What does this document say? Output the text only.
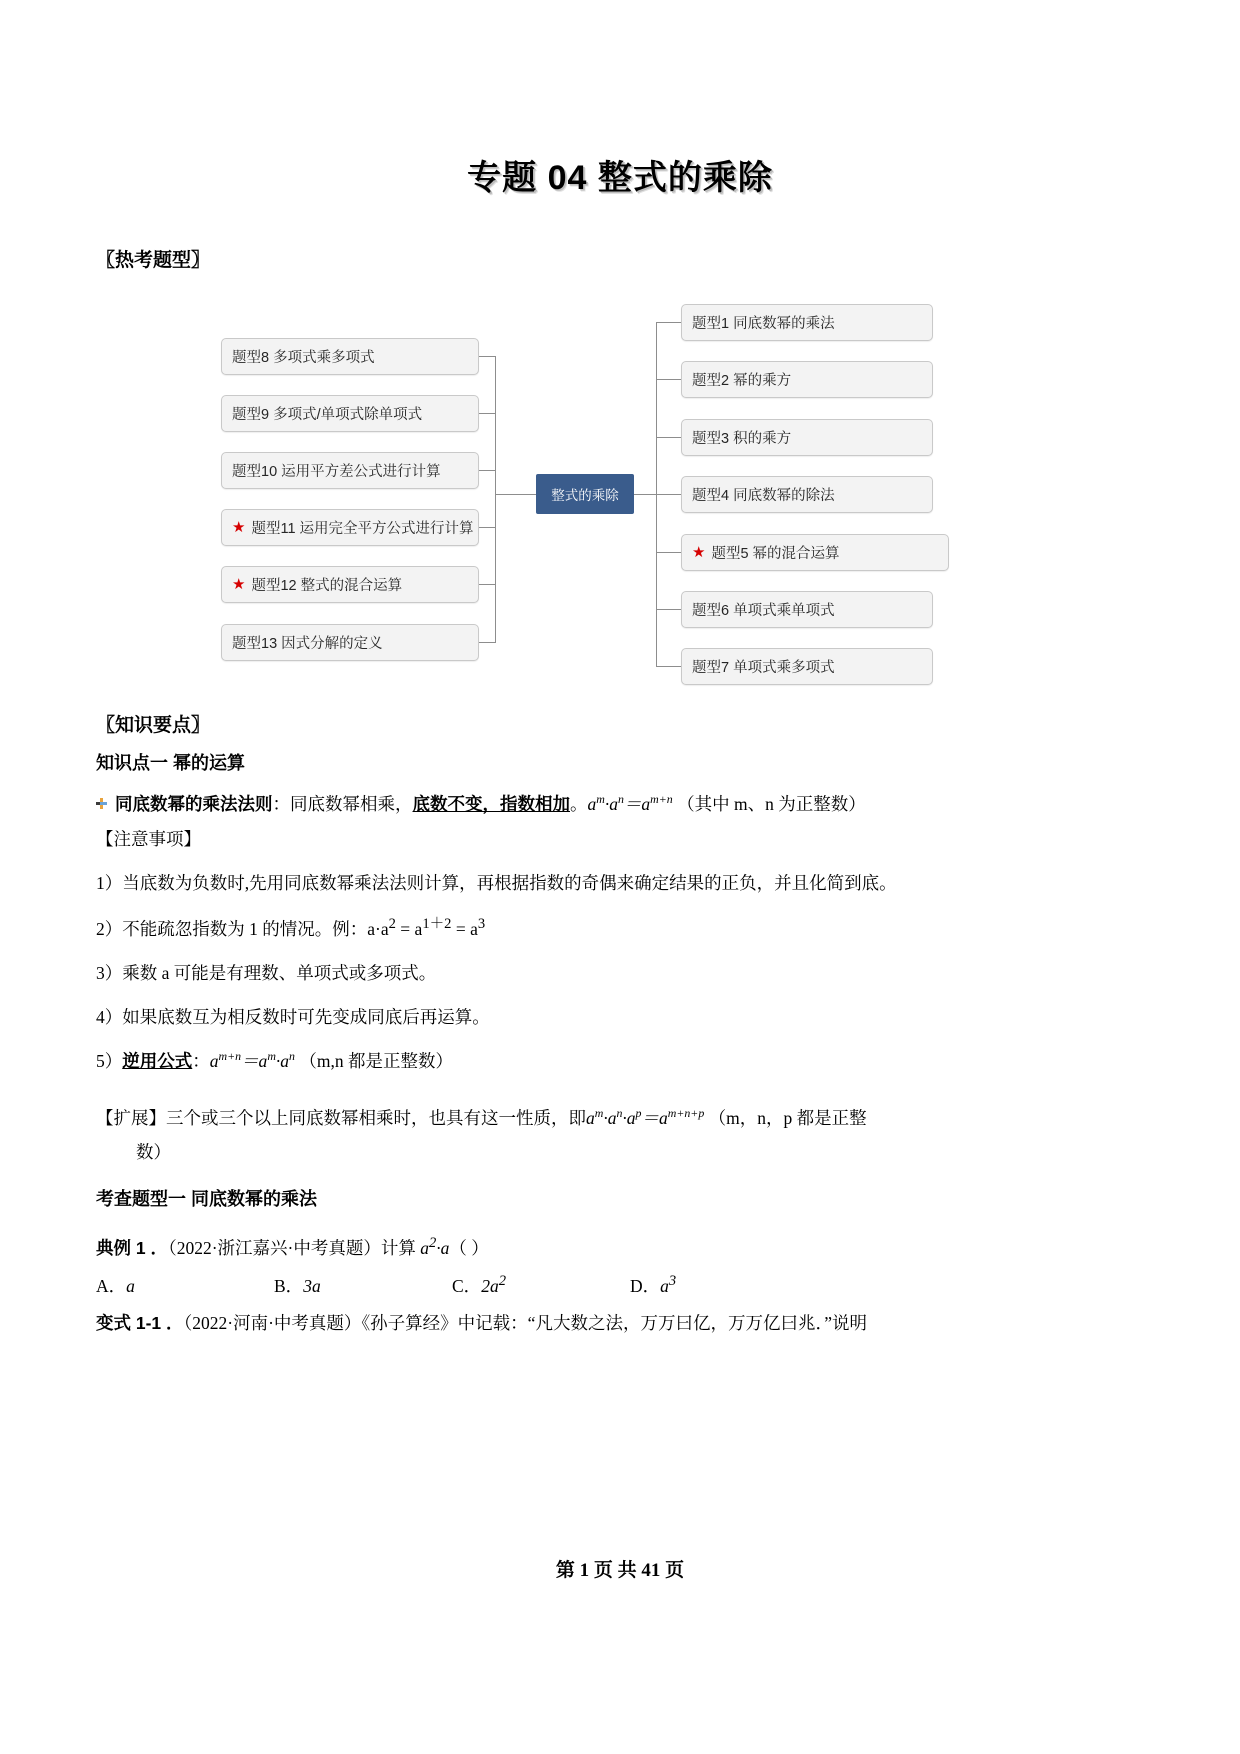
专题 04 整式的乘除

〖热考题型〗

整式的乘除
题型8 多项式乘多项式
题型9 多项式/单项式除单项式
题型10 运用平方差公式进行计算
★ 题型11 运用完全平方公式进行计算
★ 题型12 整式的混合运算
题型13 因式分解的定义
题型1 同底数幂的乘法
题型2 幂的乘方
题型3 积的乘方
题型4 同底数幂的除法
★ 题型5 幂的混合运算
题型6 单项式乘单项式
题型7 单项式乘多项式

〖知识要点〗

知识点一 幂的运算

同底数幂的乘法法则：同底数幂相乘，底数不变，指数相加。$a^m\cdot a^n=a^{m+n}$ （其中 m、n 为正整数）

【注意事项】

1）当底数为负数时,先用同底数幂乘法法则计算，再根据指数的奇偶来确定结果的正负，并且化简到底。

2）不能疏忽指数为 1 的情况。例：$a\cdot a^2 = a^{1+2} = a^3$

3）乘数 a 可能是有理数、单项式或多项式。

4）如果底数互为相反数时可先变成同底后再运算。

5）逆用公式：$a^{m+n}=a^m\cdot a^n$ （m,n 都是正整数）

【扩展】三个或三个以上同底数幂相乘时，也具有这一性质，即$a^m\cdot a^n\cdot a^p=a^{m+n+p}$ （m，n，p 都是正整

数）

考查题型一 同底数幂的乘法

典例 1 ．（2022·浙江嘉兴·中考真题）计算 $a^2\cdot a$（ ）

A．a	B．3a	C．$2a^2$	D．$a^3$

变式 1-1 ．（2022·河南·中考真题）《孙子算经》中记载：“凡大数之法，万万曰亿，万万亿曰兆．”说明

第 1 页 共 41 页
